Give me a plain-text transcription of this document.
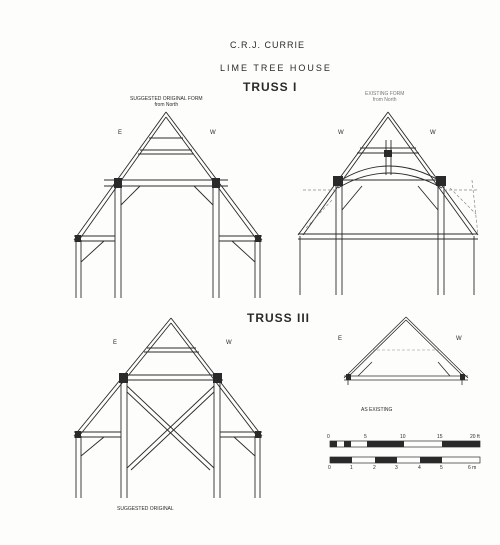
C.R.J. CURRIE
LIME TREE HOUSE
TRUSS I
TRUSS III
SUGGESTED ORIGINAL FORM
from North
EXISTING FORM
from North
AS EXISTING
SUGGESTED ORIGINAL
E	W	W	W
E	W
E	W
0	5	10	15	20 ft
0	1	2	3	4	5	6 m
